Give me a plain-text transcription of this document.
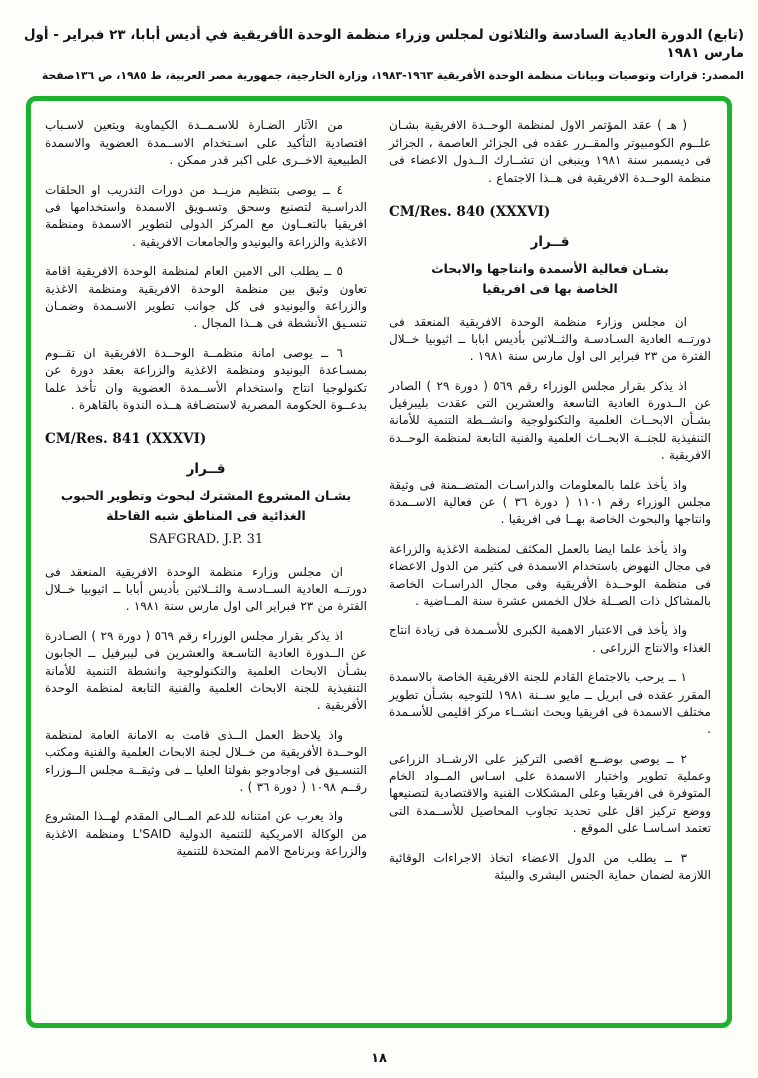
(تابع) الدورة العادية السادسة والثلاثون لمجلس وزراء منظمة الوحدة الأفريقية في أديس أبابا، ٢٣ فبراير - أول مارس ١٩٨١
المصدر: قرارات وتوصيات وبيانات منظمة الوحدة الأفريقية ١٩٦٣-١٩٨٣، وزارة الخارجية، جمهورية مصر العربية، ط ١٩٨٥، ص ١٣٦صفحة

( هـ ) عقد المؤتمر الاول لمنظمة الوحــدة الافريقية بشـان علــوم الكومبيوتر والمقــرر عقده فى الجزائر العاصمة ، الجزائر فى ديسمبر سنة ١٩٨١ وينبغى ان تشــارك الــدول الاعضاء فى منظمة الوحــدة الافريقية فى هــذا الاجتماع .

CM/Res. 840 (XXXVI)
قــرار
بشـان فعالية الأسمدة وانتاجها والابحاث
الخاصة بها فى افريقيا

ان مجلس وزارء منظمة الوحدة الافريقية المنعقد فى دورتــه العادية السـادسـة والثــلاثين بأديس ابابا ــ اثيوبيا خــلال الفترة من ٢٣ فبراير الى اول مارس سنة ١٩٨١ .

اذ يذكر بقرار مجلس الوزراء رقم ٥٦٩ ( دورة ٢٩ ) الصادر عن الــدورة العادية التاسعة والعشرين التى عقدت بليبرفيل بشـأن الابحــاث العلمية والتكنولوجية وانشــطة التنمية للأمانة التنفيذية للجنــة الابحــاث العلمية والفنية التابعة لمنظمة الوحــدة الافريقية .

واذ يأخذ علما بالمعلومات والدراسـات المتضــمنة فى وثيقة مجلس الوزراء رقم ١١٠١ ( دورة ٣٦ ) عن فعالية الاســمدة وانتاجها والبحوث الخاصة بهــا فى افريقيا .

واذ يأخذ علما ايضا بالعمل المكثف لمنظمة الاغذية والزراعة فى مجال النهوض باستخدام الاسمدة فى كثير من الدول الاعضاء فى منظمة الوحــدة الأفريقية وفى مجال الدراسـات الخاصة بالمشاكل ذات الصــلة خلال الخمس عشرة سنة المــاضية .

واذ يأخذ فى الاعتبار الاهمية الكبرى للأسـمدة فى زيادة انتاج الغذاء والانتاج الزراعى .

١ ــ يرحب بالاجتماع القادم للجنة الافريقية الخاصة بالاسمدة المقرر عقده فى ابريل ــ مايو ســنة ١٩٨١ للتوجيه بشـأن تطوير مختلف الاسمدة فى افريقيا وبحث انشــاء مركز اقليمى للأسـمدة .

٢ ــ يوصى بوضــع اقصى التركيز على الارشــاد الزراعى وعملية تطوير واختبار الاسمدة على اسـاس المــواد الخام المتوفرة فى افريقيا وعلى المشكلات الفنية والاقتصادية لتصنيعها ووضع تركيز اقل على تحديد تجاوب المحاصيل للأســمدة التى تعتمد اسـاسـا على الموقع .

٣ ــ يطلب من الدول الاعضاء اتخاذ الاجراءات الوقائية اللازمة لضمان حماية الجنس البشرى والبيئة

من الآثار الضـارة للاسـمــدة الكيماوية ويتعين لاسـباب اقتصادية التأكيد على اسـتخدام الاســمدة العضوية والاسمدة الطبيعية الاخــرى على اكبر قدر ممكن .

٤ ــ يوصى بتنظيم مزيــد من دورات التدريب او الحلقات الدراسـية لتصنيع وسحق وتسـويق الاسمدة واستخدامها فى افريقيا بالتعــاون مع المركز الدولى لتطوير الاسمدة ومنظمة الاغذية والزراعة واليونيدو والجامعات الافريقية .

٥ ــ يطلب الى الامين العام لمنظمة الوحدة الافريقية اقامة تعاون وثيق بين منظمة الوحدة الافريقية ومنظمة الاغذية والزراعة واليونيدو فى كل جوانب تطوير الاسـمدة وضمـان تنسـيق الأنشطة فى هــذا المجال .

٦ ــ يوصى امانة منظمــة الوحــدة الافريقية ان تقــوم بمسـاعدة اليونيدو ومنظمة الاغذية والزراعة بعقد دورة عن تكنولوجيا انتاج واستخدام الأســمدة العضوية وان تأخذ علما بدعــوة الحكومة المصرية لاستضـافة هــذه الندوة بالقاهرة .

CM/Res. 841 (XXXVI)
قــرار
بشـان المشروع المشترك لبحوث وتطوير الحبوب
الغذائية فى المناطق شبه القاحلة
SAFGRAD. J.P. 31

ان مجلس وزارء منظمة الوحدة الافريقية المنعقد فى دورتــه العادية الســادسـة والثــلاثين بأديس أبابا ــ اثيوبيا خــلال الفترة من ٢٣ فبراير الى اول مارس سنة ١٩٨١ .

اذ يذكر بقرار مجلس الوزراء رقم ٥٦٩ ( دورة ٢٩ ) الصـادرة عن الــدورة العادية التاسـعة والعشرين فى ليبرفيل ــ الجابون بشـأن الابحاث العلمية والتكنولوجية وانشطة التنمية للأمانة التنفيذية للجنة الابحاث العلمية والفنية التابعة لمنظمة الوحدة الأفريقية .

واذ يلاحظ العمل الــذى قامت به الامانة العامة لمنظمة الوحــدة الأفريقية من خــلال لجنة الابحاث العلمية والفنية ومكتب التنسـيق فى اوجادوجو بفولتا العليا ــ فى وثيقــة مجلس الــوزراء رقــم ١٠٩٨ ( دورة ٣٦ ) .

واذ يعرب عن امتنانه للدعم المــالى المقدم لهــذا المشروع من الوكالة الامريكية للتنمية الدولية L'SAID ومنظمة الاغذية والزراعة وبرنامج الامم المتحدة للتنمية

١٨
